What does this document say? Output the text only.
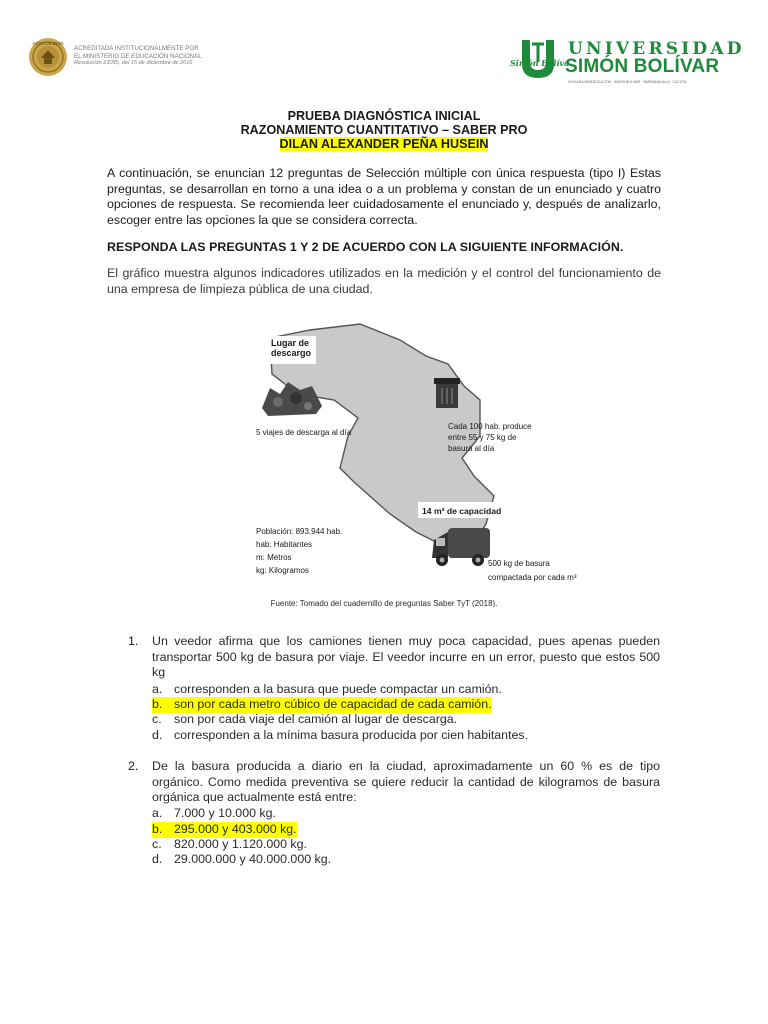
ALTA CALIDAD
ACREDITADA INSTITUCIONALMENTE POR
EL MINISTERIO DE EDUCACIÓN NACIONAL
Resolución 23095, del 15 de diciembre de 2016	Simón Bolívar
UNIVERSIDAD
SIMÓN BOLÍVAR
VIGILADA MINEDUCACIÓN · SIMÓN BOLÍVAR · BARRANQUILLA · CÚCUTA
PRUEBA DIAGNÓSTICA INICIAL
RAZONAMIENTO CUANTITATIVO – SABER PRO
DILAN ALEXANDER PEÑA HUSEIN
A continuación, se enuncian 12 preguntas de Selección múltiple con única respuesta (tipo I) Estas preguntas, se desarrollan en torno a una idea o a un problema y constan de un enunciado y cuatro opciones de respuesta. Se recomienda leer cuidadosamente el enunciado y, después de analizarlo, escoger entre las opciones la que se considera correcta.
RESPONDA LAS PREGUNTAS 1 Y 2 DE ACUERDO CON LA SIGUIENTE INFORMACIÓN.
El gráfico muestra algunos indicadores utilizados en la medición y el control del funcionamiento de una empresa de limpieza pública de una ciudad.
Lugar de
descargo
5 viajes de descarga al día
Cada 100 hab. produce
entre 55 y 75 kg de
basura al día
14 m³ de capacidad
Población: 893.944 hab.
hab: Habitantes
m: Metros
kg: Kilogramos
500 kg de basura
compactada por cada m³
Fuente: Tomado del cuadernillo de preguntas Saber TyT (2018).
1. Un veedor afirma que los camiones tienen muy poca capacidad, pues apenas pueden transportar 500 kg de basura por viaje. El veedor incurre en un error, puesto que estos 500 kg
a. corresponden a la basura que puede compactar un camión.
b. son por cada metro cúbico de capacidad de cada camión.
c. son por cada viaje del camión al lugar de descarga.
d. corresponden a la mínima basura producida por cien habitantes.
2. De la basura producida a diario en la ciudad, aproximadamente un 60 % es de tipo orgánico. Como medida preventiva se quiere reducir la cantidad de kilogramos de basura orgánica que actualmente está entre:
a. 7.000 y 10.000 kg.
b. 295.000 y 403.000 kg.
c. 820.000 y 1.120.000 kg.
d. 29.000.000 y 40.000.000 kg.
